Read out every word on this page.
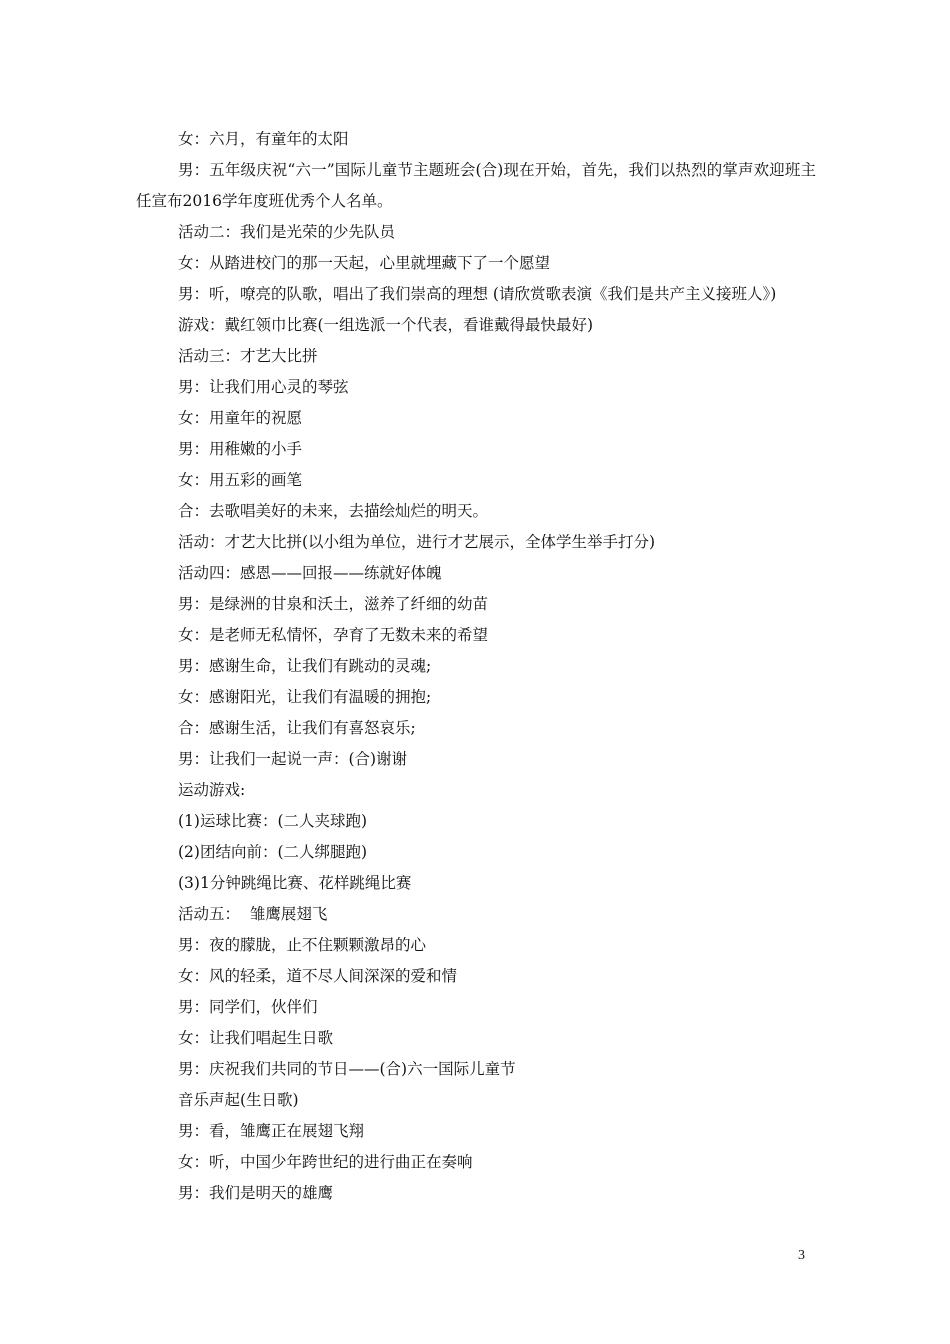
女：六月，有童年的太阳
男：五年级庆祝“六一”国际儿童节主题班会(合)现在开始，首先，我们以热烈的掌声欢迎班主任宣布2016学年度班优秀个人名单。
活动二：我们是光荣的少先队员
女：从踏进校门的那一天起，心里就埋藏下了一个愿望
男：听，嘹亮的队歌，唱出了我们崇高的理想 (请欣赏歌表演《我们是共产主义接班人》)
游戏：戴红领巾比赛(一组选派一个代表，看谁戴得最快最好)
活动三：才艺大比拼
男：让我们用心灵的琴弦
女：用童年的祝愿
男：用稚嫩的小手
女：用五彩的画笔
合：去歌唱美好的未来，去描绘灿烂的明天。
活动：才艺大比拼(以小组为单位，进行才艺展示，全体学生举手打分)
活动四：感恩——回报——练就好体魄
男：是绿洲的甘泉和沃土，滋养了纤细的幼苗
女：是老师无私情怀，孕育了无数未来的希望
男：感谢生命，让我们有跳动的灵魂;
女：感谢阳光，让我们有温暖的拥抱;
合：感谢生活，让我们有喜怒哀乐;
男：让我们一起说一声：(合)谢谢
运动游戏:
(1)运球比赛：(二人夹球跑)
(2)团结向前：(二人绑腿跑)
(3)1分钟跳绳比赛、花样跳绳比赛
活动五：  雏鹰展翅飞
男：夜的朦胧，止不住颗颗激昂的心
女：风的轻柔，道不尽人间深深的爱和情
男：同学们，伙伴们
女：让我们唱起生日歌
男：庆祝我们共同的节日——(合)六一国际儿童节
音乐声起(生日歌)
男：看，雏鹰正在展翅飞翔
女：听，中国少年跨世纪的进行曲正在奏响
男：我们是明天的雄鹰
3
